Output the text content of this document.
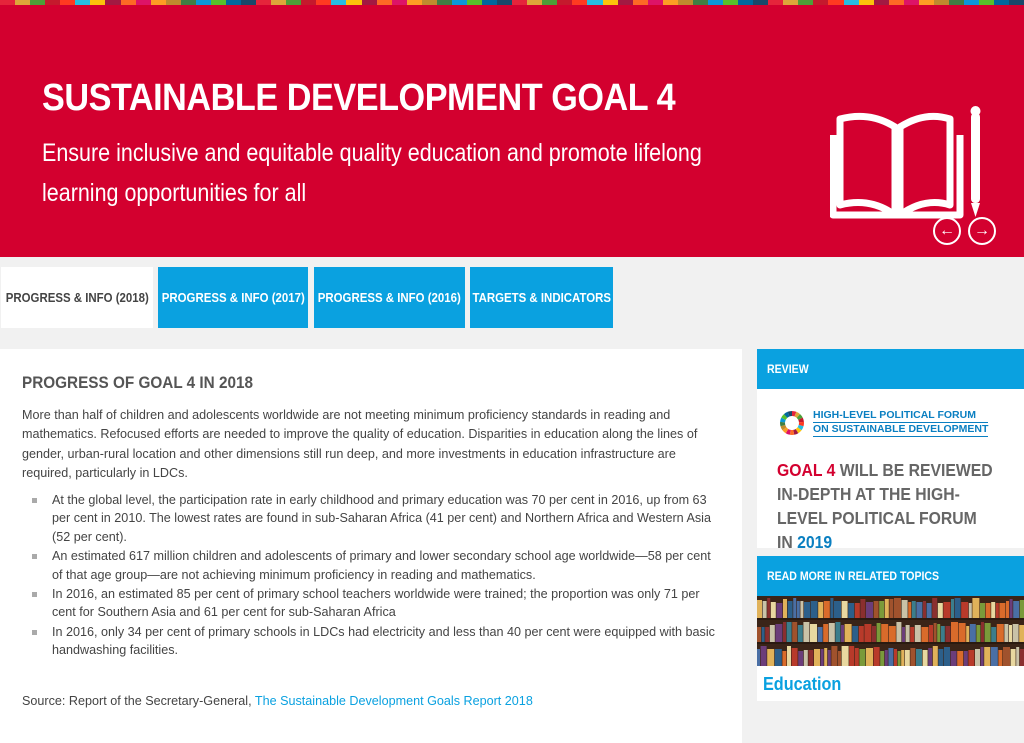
SUSTAINABLE DEVELOPMENT GOAL 4
Ensure inclusive and equitable quality education and promote lifelong learning opportunities for all
←	→
PROGRESS & INFO (2018) PROGRESS & INFO (2017) PROGRESS & INFO (2016) TARGETS & INDICATORS
PROGRESS OF GOAL 4 IN 2018

More than half of children and adolescents worldwide are not meeting minimum proficiency standards in reading and mathematics. Refocused efforts are needed to improve the quality of education. Disparities in education along the lines of gender, urban-rural location and other dimensions still run deep, and more investments in education infrastructure are required, particularly in LDCs.

At the global level, the participation rate in early childhood and primary education was 70 per cent in 2016, up from 63 per cent in 2010. The lowest rates are found in sub-Saharan Africa (41 per cent) and Northern Africa and Western Asia (52 per cent).
An estimated 617 million children and adolescents of primary and lower secondary school age worldwide—58 per cent of that age group—are not achieving minimum proficiency in reading and mathematics.
In 2016, an estimated 85 per cent of primary school teachers worldwide were trained; the proportion was only 71 per cent for Southern Asia and 61 per cent for sub-Saharan Africa
In 2016, only 34 per cent of primary schools in LDCs had electricity and less than 40 per cent were equipped with basic handwashing facilities.
Source: Report of the Secretary-General, The Sustainable Development Goals Report 2018
REVIEW
HIGH-LEVEL POLITICAL FORUM
ON SUSTAINABLE DEVELOPMENT
GOAL 4 WILL BE REVIEWED IN-DEPTH AT THE HIGH-LEVEL POLITICAL FORUM IN 2019
READ MORE IN RELATED TOPICS
Education
